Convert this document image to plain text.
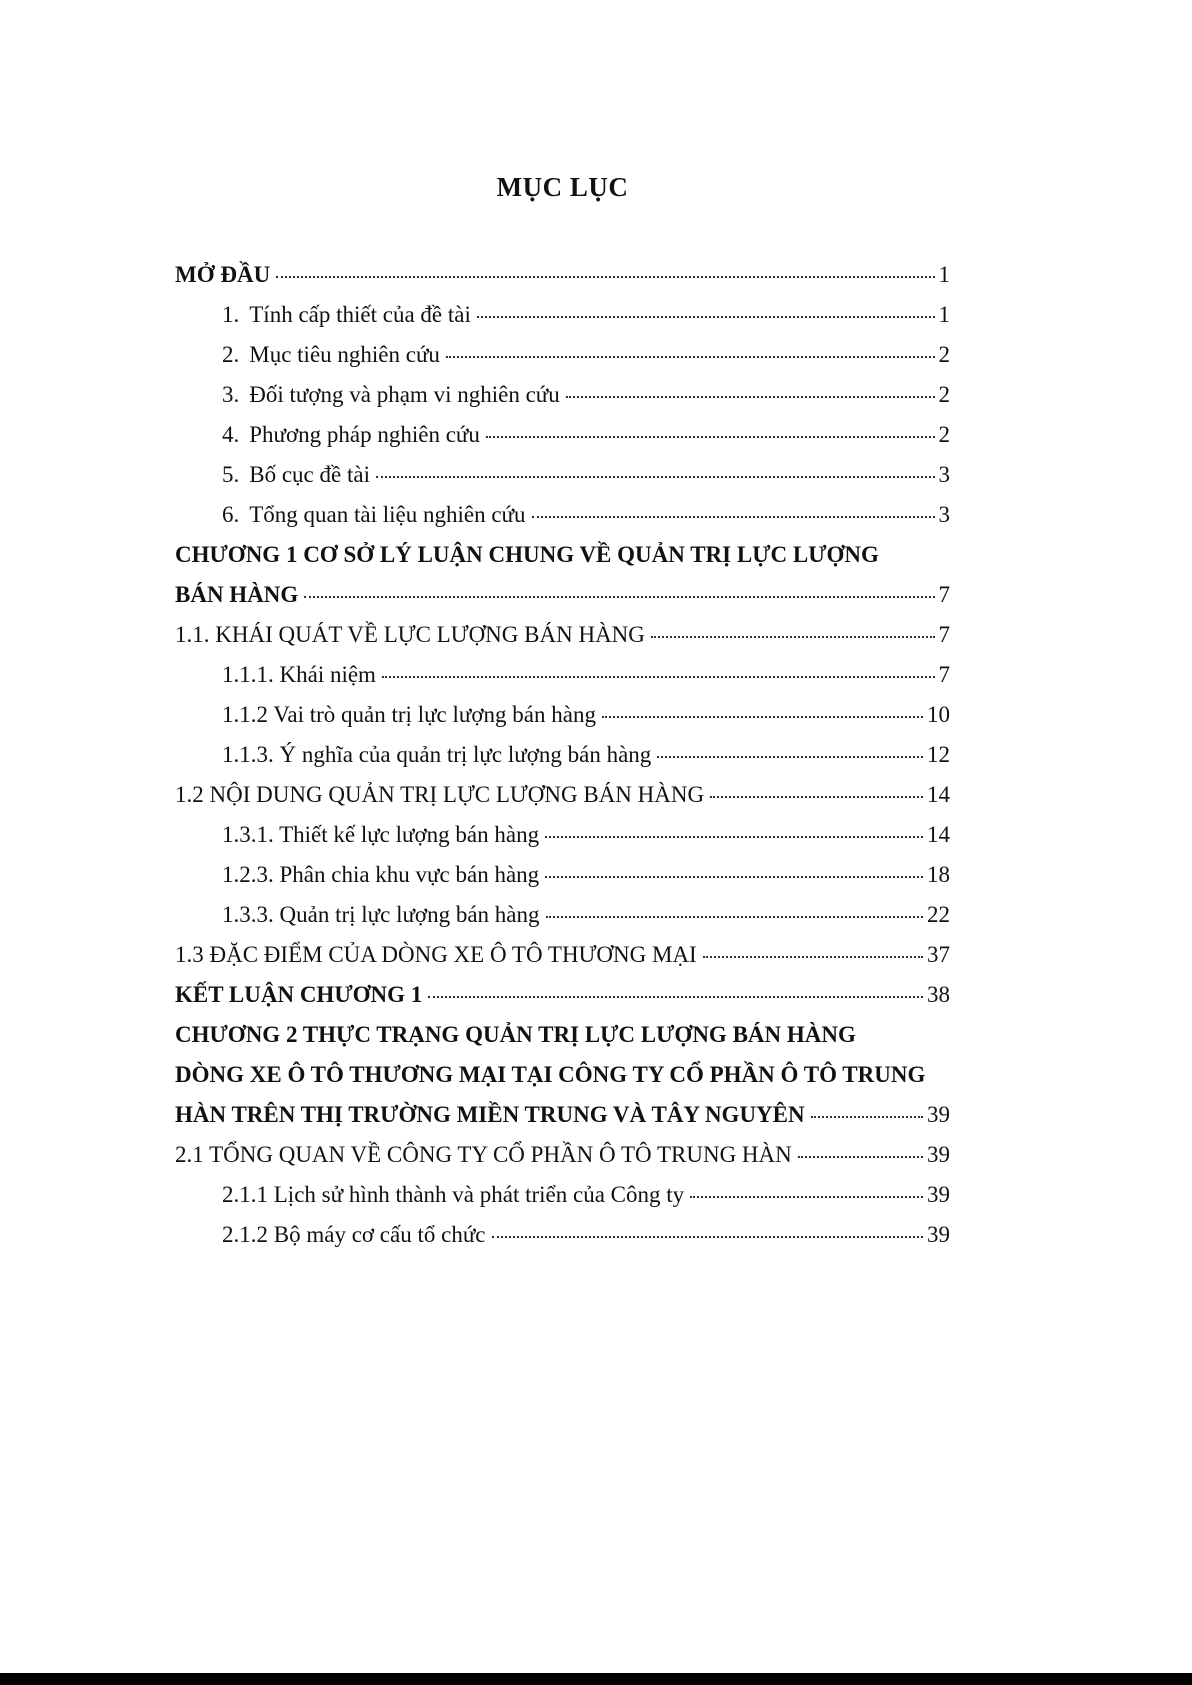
MỤC LỤC
MỞ ĐẦU	1
1. Tính cấp thiết của đề tài	1
2. Mục tiêu nghiên cứu	2
3. Đối tượng và phạm vi nghiên cứu	2
4. Phương pháp nghiên cứu	2
5. Bố cục đề tài	3
6. Tổng quan tài liệu nghiên cứu	3
CHƯƠNG 1 CƠ SỞ LÝ LUẬN CHUNG VỀ QUẢN TRỊ LỰC LƯỢNG
BÁN HÀNG	7
1.1. KHÁI QUÁT VỀ LỰC LƯỢNG BÁN HÀNG	7
1.1.1. Khái niệm	7
1.1.2 Vai trò quản trị lực lượng bán hàng	10
1.1.3. Ý nghĩa của quản trị lực lượng bán hàng	12
1.2 NỘI DUNG QUẢN TRỊ LỰC LƯỢNG BÁN HÀNG	14
1.3.1. Thiết kế lực lượng bán hàng	14
1.2.3. Phân chia khu vực bán hàng	18
1.3.3. Quản trị lực lượng bán hàng	22
1.3 ĐẶC ĐIỂM CỦA DÒNG XE Ô TÔ THƯƠNG MẠI	37
KẾT LUẬN CHƯƠNG 1	38
CHƯƠNG 2 THỰC TRẠNG QUẢN TRỊ LỰC LƯỢNG BÁN HÀNG
DÒNG XE Ô TÔ THƯƠNG MẠI TẠI CÔNG TY CỔ PHẦN Ô TÔ TRUNG
HÀN TRÊN THỊ TRƯỜNG MIỀN TRUNG VÀ TÂY NGUYÊN	39
2.1 TỔNG QUAN VỀ CÔNG TY CỔ PHẦN Ô TÔ TRUNG HÀN	39
2.1.1 Lịch sử hình thành và phát triển của Công ty	39
2.1.2 Bộ máy cơ cấu tổ chức	39
